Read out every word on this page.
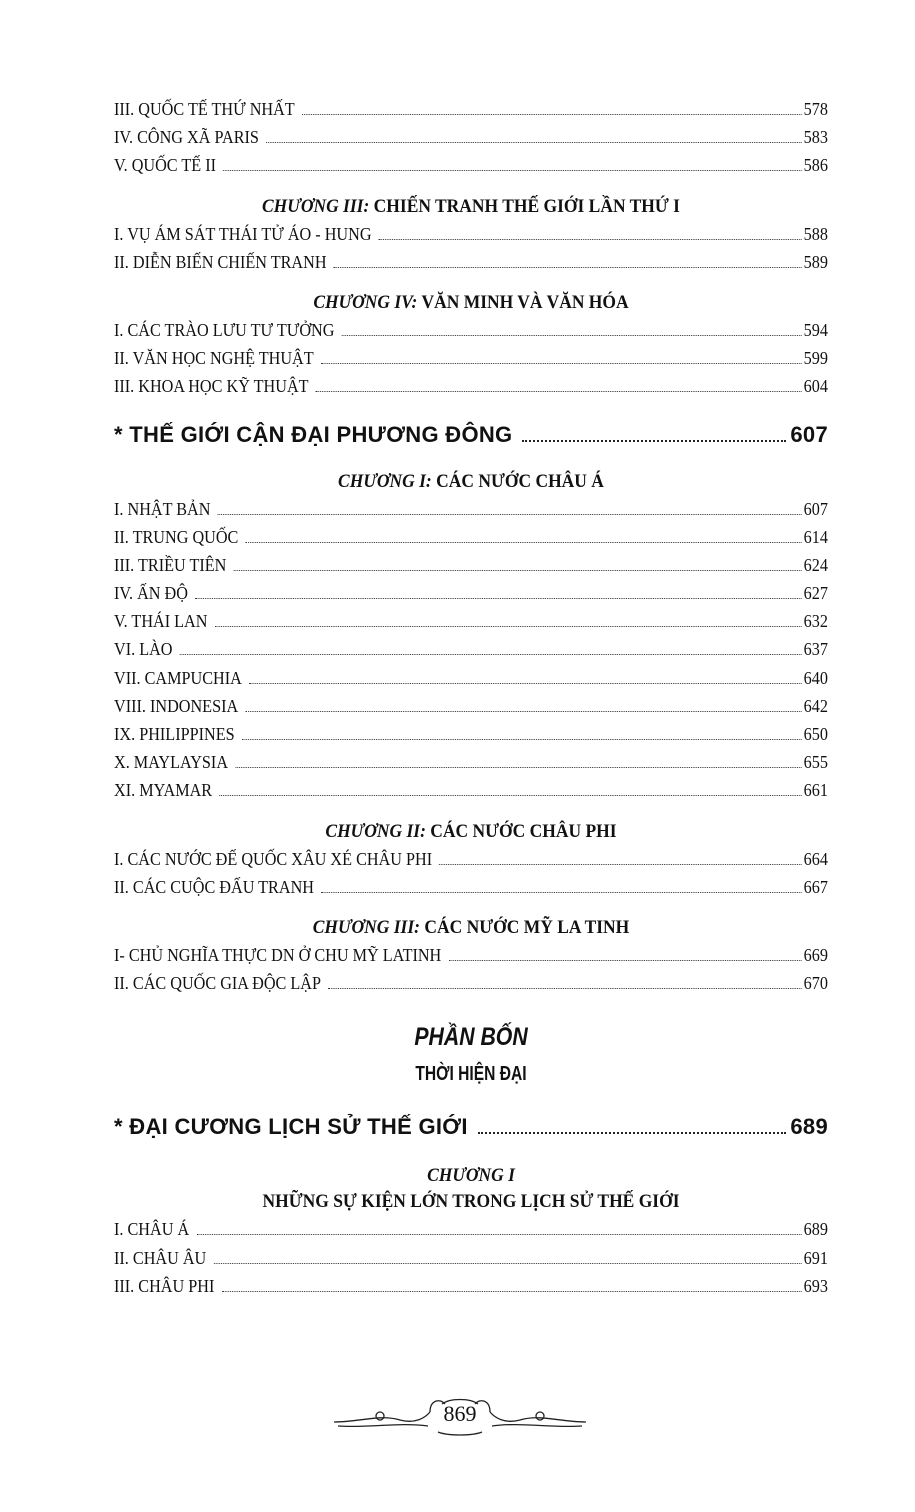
III. QUỐC TẾ THỨ NHẤT	578
IV. CÔNG XÃ PARIS	583
V. QUỐC TẾ II	586
CHƯƠNG III: CHIẾN TRANH THẾ GIỚI LẦN THỨ I
I. VỤ ÁM SÁT THÁI TỬ ÁO - HUNG	588
II. DIỄN BIẾN CHIẾN TRANH	589
CHƯƠNG IV: VĂN MINH VÀ VĂN HÓA
I. CÁC TRÀO LƯU TƯ TƯỞNG	594
II. VĂN HỌC NGHỆ THUẬT	599
III. KHOA HỌC KỸ THUẬT	604
* THẾ GIỚI CẬN ĐẠI PHƯƠNG ĐÔNG	607
CHƯƠNG I: CÁC NƯỚC CHÂU Á
I. NHẬT BẢN	607
II. TRUNG QUỐC	614
III. TRIỀU TIÊN	624
IV. ẤN ĐỘ	627
V. THÁI LAN	632
VI. LÀO	637
VII. CAMPUCHIA	640
VIII. INDONESIA	642
IX. PHILIPPINES	650
X. MAYLAYSIA	655
XI. MYAMAR	661
CHƯƠNG II: CÁC NƯỚC CHÂU PHI
I. CÁC NƯỚC ĐẾ QUỐC XÂU XÉ CHÂU PHI	664
II. CÁC CUỘC ĐẤU TRANH	667
CHƯƠNG III: CÁC NƯỚC MỸ LA TINH
I- CHỦ NGHĨA THỰC DN Ở CHU MỸ LATINH	669
II. CÁC QUỐC GIA ĐỘC LẬP	670
PHẦN BỐN
THỜI HIỆN ĐẠI
* ĐẠI CƯƠNG LỊCH SỬ THẾ GIỚI	689
CHƯƠNG I
NHỮNG SỰ KIỆN LỚN TRONG LỊCH SỬ THẾ GIỚI
I. CHÂU Á	689
II. CHÂU ÂU	691
III. CHÂU PHI	693
869
